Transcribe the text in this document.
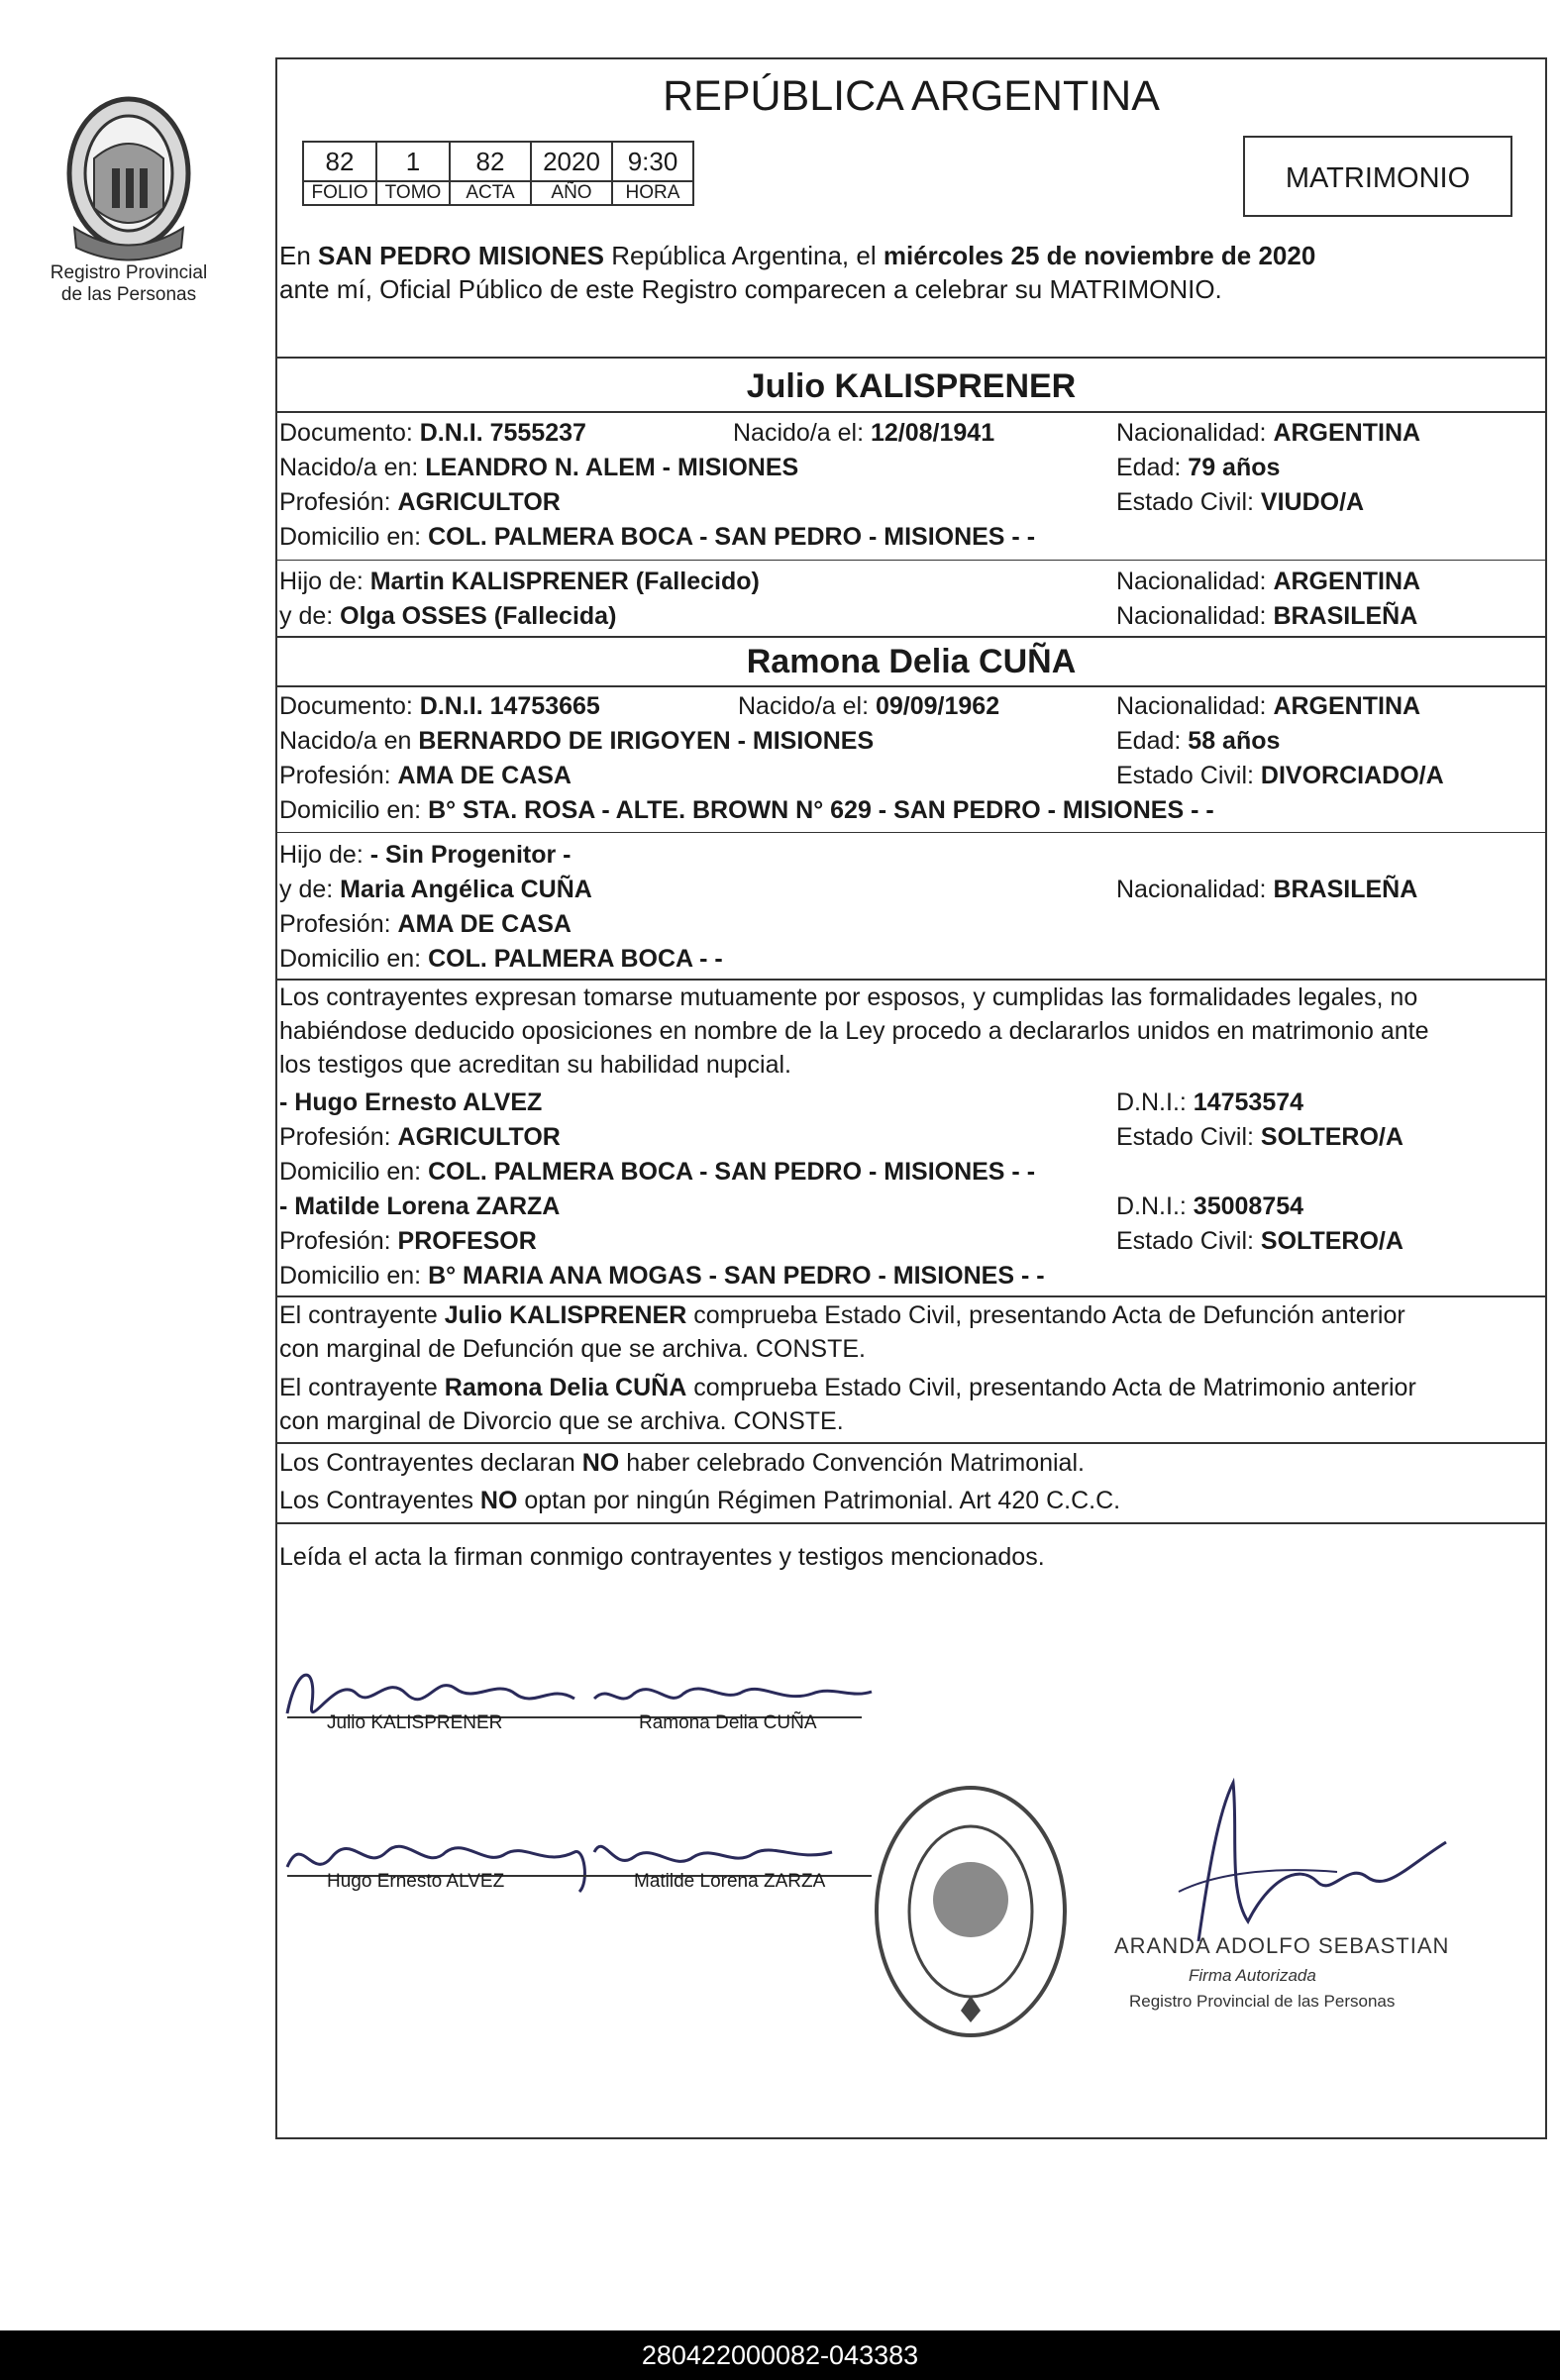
Registro Provincial
de las Personas
REPÚBLICA ARGENTINA
82	1	82	2020	9:30
FOLIO	TOMO	ACTA	AÑO	HORA	MATRIMONIO
En SAN PEDRO MISIONES República Argentina, el miércoles 25 de noviembre de 2020
ante mí, Oficial Público de este Registro comparecen a celebrar su MATRIMONIO.
Julio KALISPRENER
Documento: D.N.I. 7555237	Nacido/a el: 12/08/1941	Nacionalidad: ARGENTINA
Nacido/a en: LEANDRO N. ALEM - MISIONES	Edad: 79 años
Profesión: AGRICULTOR	Estado Civil: VIUDO/A
Domicilio en: COL. PALMERA BOCA - SAN PEDRO - MISIONES - -
Hijo de: Martin KALISPRENER (Fallecido)	Nacionalidad: ARGENTINA
y de: Olga OSSES (Fallecida)	Nacionalidad: BRASILEÑA
Ramona Delia CUÑA
Documento: D.N.I. 14753665	Nacido/a el: 09/09/1962	Nacionalidad: ARGENTINA
Nacido/a en BERNARDO DE IRIGOYEN - MISIONES	Edad: 58 años
Profesión: AMA DE CASA	Estado Civil: DIVORCIADO/A
Domicilio en: B° STA. ROSA - ALTE. BROWN N° 629 - SAN PEDRO - MISIONES - -
Hijo de: - Sin Progenitor -
y de: Maria Angélica CUÑA	Nacionalidad: BRASILEÑA
Profesión: AMA DE CASA
Domicilio en: COL. PALMERA BOCA - -
Los contrayentes expresan tomarse mutuamente por esposos, y cumplidas las formalidades legales, no
habiéndose deducido oposiciones en nombre de la Ley procedo a declararlos unidos en matrimonio ante
los testigos que acreditan su habilidad nupcial.
- Hugo Ernesto ALVEZ	D.N.I.: 14753574
Profesión: AGRICULTOR	Estado Civil: SOLTERO/A
Domicilio en: COL. PALMERA BOCA - SAN PEDRO - MISIONES - -
- Matilde Lorena ZARZA	D.N.I.: 35008754
Profesión: PROFESOR	Estado Civil: SOLTERO/A
Domicilio en: B° MARIA ANA MOGAS - SAN PEDRO - MISIONES - -
El contrayente Julio KALISPRENER comprueba Estado Civil, presentando Acta de Defunción anterior
con marginal de Defunción que se archiva. CONSTE.
El contrayente Ramona Delia CUÑA comprueba Estado Civil, presentando Acta de Matrimonio anterior
con marginal de Divorcio que se archiva. CONSTE.
Los Contrayentes declaran NO haber celebrado Convención Matrimonial.
Los Contrayentes NO optan por ningún Régimen Patrimonial. Art 420 C.C.C.
Leída el acta la firman conmigo contrayentes y testigos mencionados.
Julio KALISPRENER	Ramona Delia CUÑA
Hugo Ernesto ALVEZ	Matilde Lorena ZARZA
ARANDA ADOLFO SEBASTIAN
Firma Autorizada
Registro Provincial de las Personas
280422000082-043383
